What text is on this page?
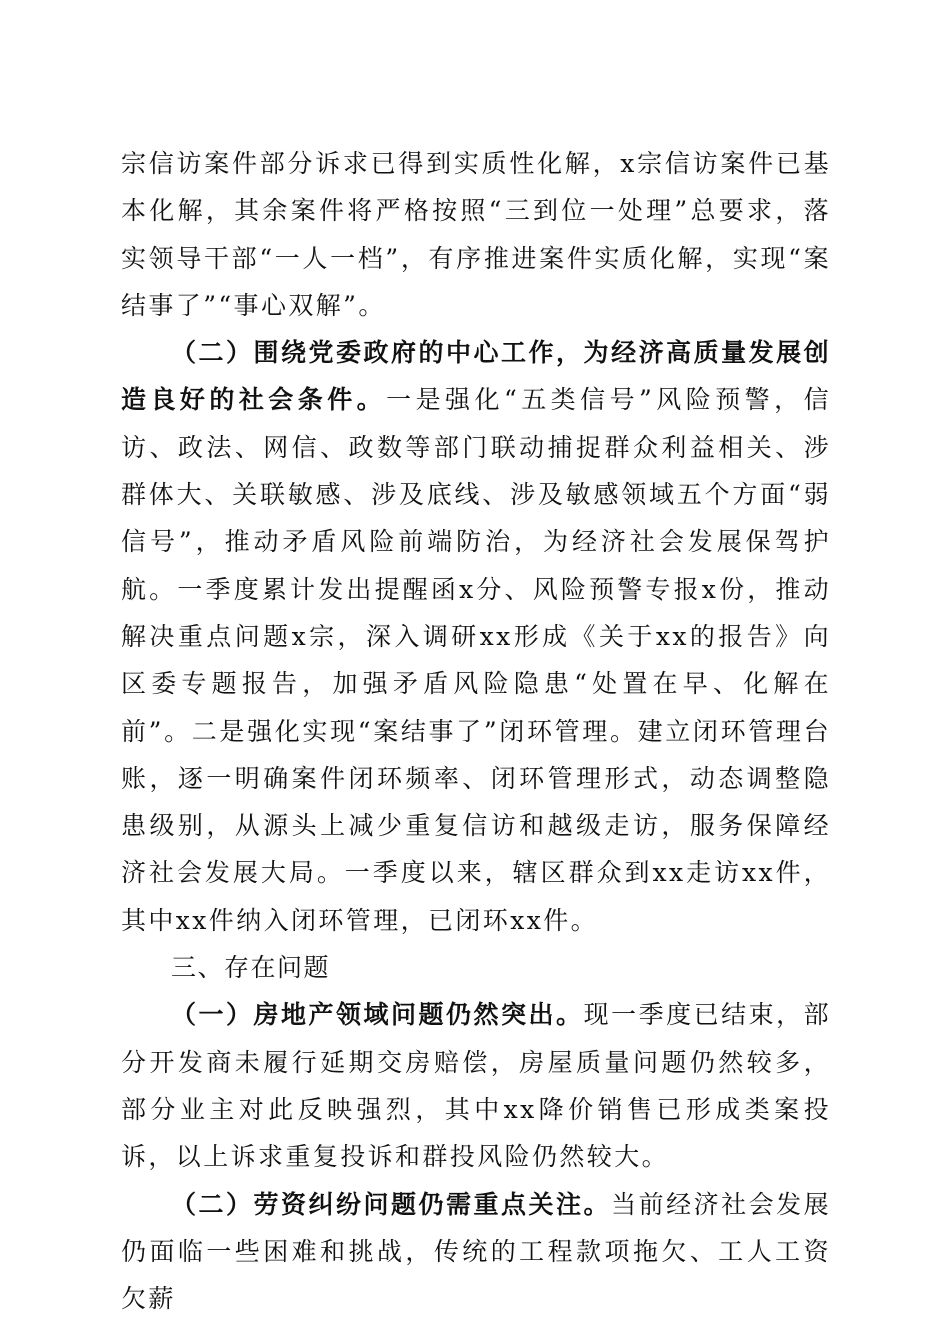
宗信访案件部分诉求已得到实质性化解，x宗信访案件已基本化解，其余案件将严格按照“三到位一处理”总要求，落实领导干部“一人一档”，有序推进案件实质化解，实现“案结事了”“事心双解”。

（二）围绕党委政府的中心工作，为经济高质量发展创造良好的社会条件。一是强化“五类信号”风险预警，信访、政法、网信、政数等部门联动捕捉群众利益相关、涉群体大、关联敏感、涉及底线、涉及敏感领域五个方面“弱信号”，推动矛盾风险前端防治，为经济社会发展保驾护航。一季度累计发出提醒函x分、风险预警专报x份，推动解决重点问题x宗，深入调研xx形成《关于xx的报告》向区委专题报告，加强矛盾风险隐患“处置在早、化解在前”。二是强化实现“案结事了”闭环管理。建立闭环管理台账，逐一明确案件闭环频率、闭环管理形式，动态调整隐患级别，从源头上减少重复信访和越级走访，服务保障经济社会发展大局。一季度以来，辖区群众到xx走访xx件，其中xx件纳入闭环管理，已闭环xx件。

三、存在问题

（一）房地产领域问题仍然突出。现一季度已结束，部分开发商未履行延期交房赔偿，房屋质量问题仍然较多，部分业主对此反映强烈，其中xx降价销售已形成类案投诉，以上诉求重复投诉和群投风险仍然较大。

（二）劳资纠纷问题仍需重点关注。当前经济社会发展仍面临一些困难和挑战，传统的工程款项拖欠、工人工资欠薪
